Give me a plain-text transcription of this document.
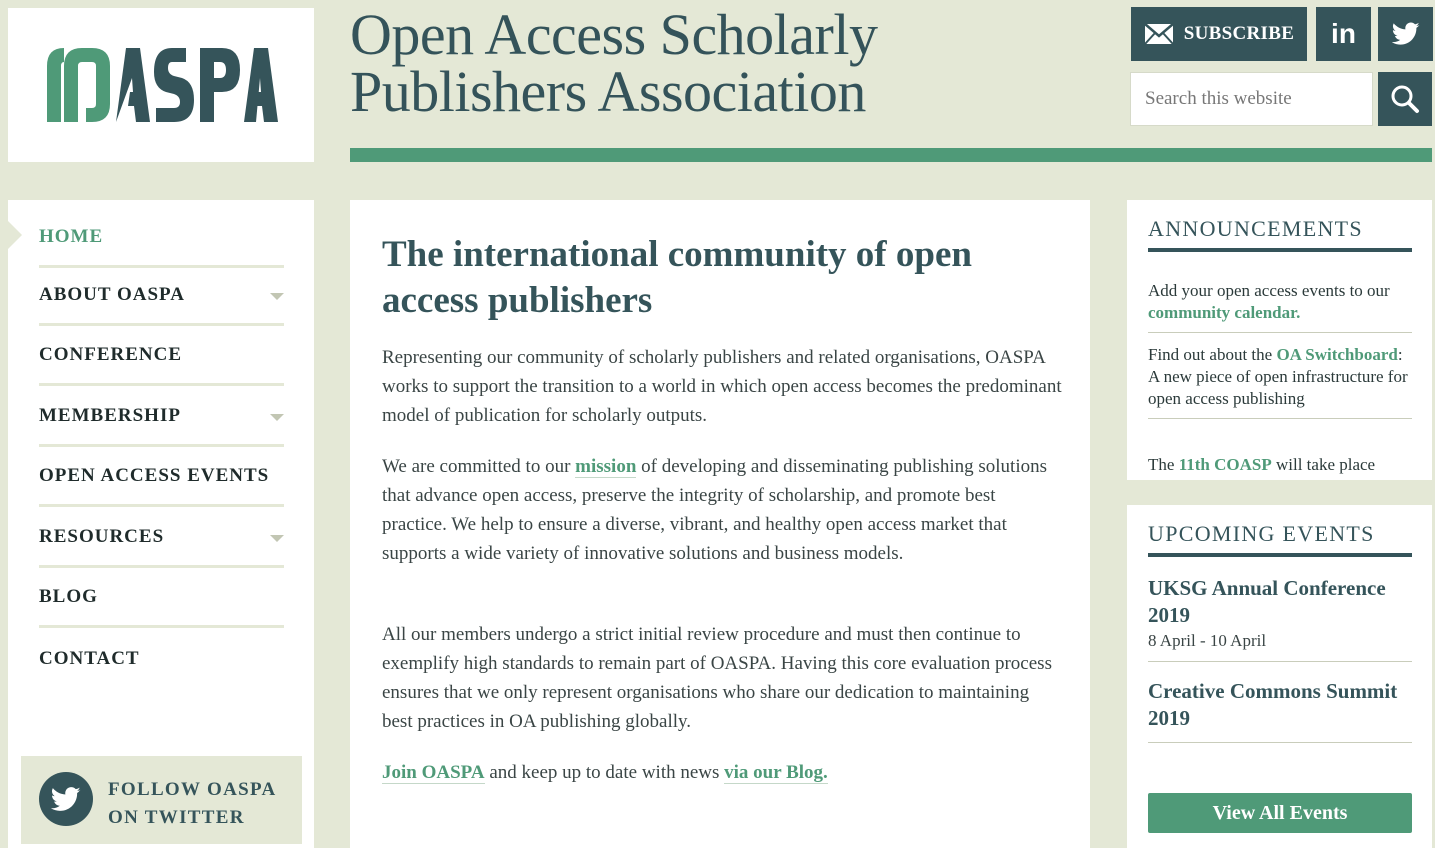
Open Access Scholarly
Publishers Association
SUBSCRIBE in
Search this website
HOME
ABOUT OASPA
CONFERENCE
MEMBERSHIP
OPEN ACCESS EVENTS
RESOURCES
BLOG
CONTACT
FOLLOW OASPA
ON TWITTER
The international community of open access publishers

Representing our community of scholarly publishers and related organisations, OASPA works to support the transition to a world in which open access becomes the predominant model of publication for scholarly outputs.

We are committed to our mission of developing and disseminating publishing solutions that advance open access, preserve the integrity of scholarship, and promote best practice. We help to ensure a diverse, vibrant, and healthy open access market that supports a wide variety of innovative solutions and business models.

All our members undergo a strict initial review procedure and must then continue to exemplify high standards to remain part of OASPA. Having this core evaluation process ensures that we only represent organisations who share our dedication to maintaining best practices in OA publishing globally.

Join OASPA and keep up to date with news via our Blog.

ANNOUNCEMENTS
Add your open access events to our community calendar.
Find out about the OA Switchboard: A new piece of open infrastructure for open access publishing
The 11th COASP will take place
UPCOMING EVENTS
UKSG Annual Conference 2019
8 April - 10 April
Creative Commons Summit 2019
View All Events
